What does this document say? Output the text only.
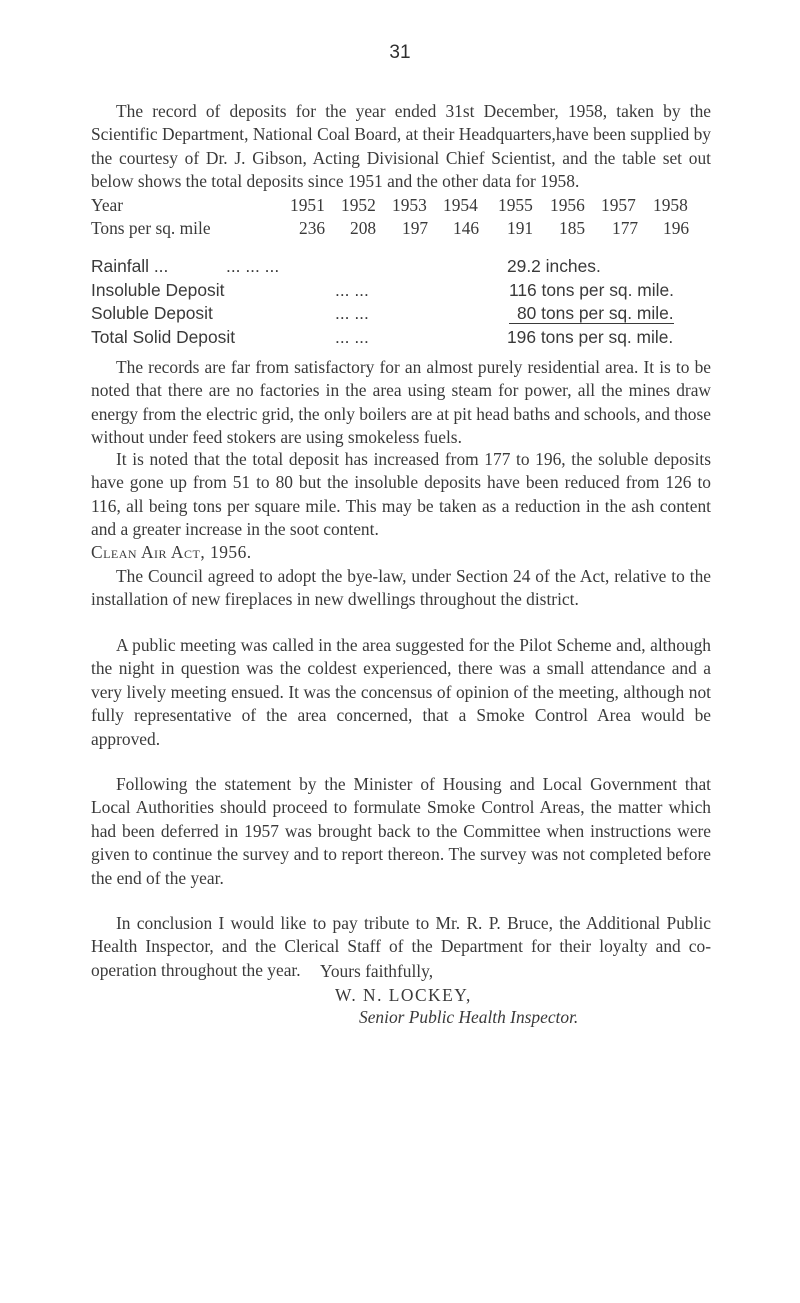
31

The record of deposits for the year ended 31st December, 1958, taken by the Scientific Department, National Coal Board, at their Headquarters,have been supplied by the courtesy of Dr. J. Gibson, Acting Divisional Chief Scientist, and the table set out below shows the total deposits since 1951 and the other data for 1958.

Year	1951 1952 1953 1954 1955 1956 1957 1958
Tons per sq. mile	236 208 197 146 191 185 177 196
Rainfall ...	... ... ...	29.2 inches.
Insoluble Deposit	... ...	116 tons per sq. mile.
Soluble Deposit	... ...	80 tons per sq. mile.
Total Solid Deposit	... ...	196 tons per sq. mile.

The records are far from satisfactory for an almost purely residential area. It is to be noted that there are no factories in the area using steam for power, all the mines draw energy from the electric grid, the only boilers are at pit head baths and schools, and those without under feed stokers are using smokeless fuels.

It is noted that the total deposit has increased from 177 to 196, the soluble deposits have gone up from 51 to 80 but the insoluble deposits have been reduced from 126 to 116, all being tons per square mile. This may be taken as a reduction in the ash content and a greater increase in the soot content.

Clean Air Act, 1956.

The Council agreed to adopt the bye-law, under Section 24 of the Act, relative to the installation of new fireplaces in new dwellings throughout the district.

A public meeting was called in the area suggested for the Pilot Scheme and, although the night in question was the coldest experienced, there was a small attendance and a very lively meeting ensued. It was the concensus of opinion of the meeting, although not fully representative of the area concerned, that a Smoke Control Area would be approved.

Following the statement by the Minister of Housing and Local Government that Local Authorities should proceed to formulate Smoke Control Areas, the matter which had been deferred in 1957 was brought back to the Committee when instructions were given to continue the survey and to report thereon. The survey was not completed before the end of the year.

In conclusion I would like to pay tribute to Mr. R. P. Bruce, the Additional Public Health Inspector, and the Clerical Staff of the Department for their loyalty and co-operation throughout the year.	Yours faithfully,
W. N. LOCKEY,
Senior Public Health Inspector.
